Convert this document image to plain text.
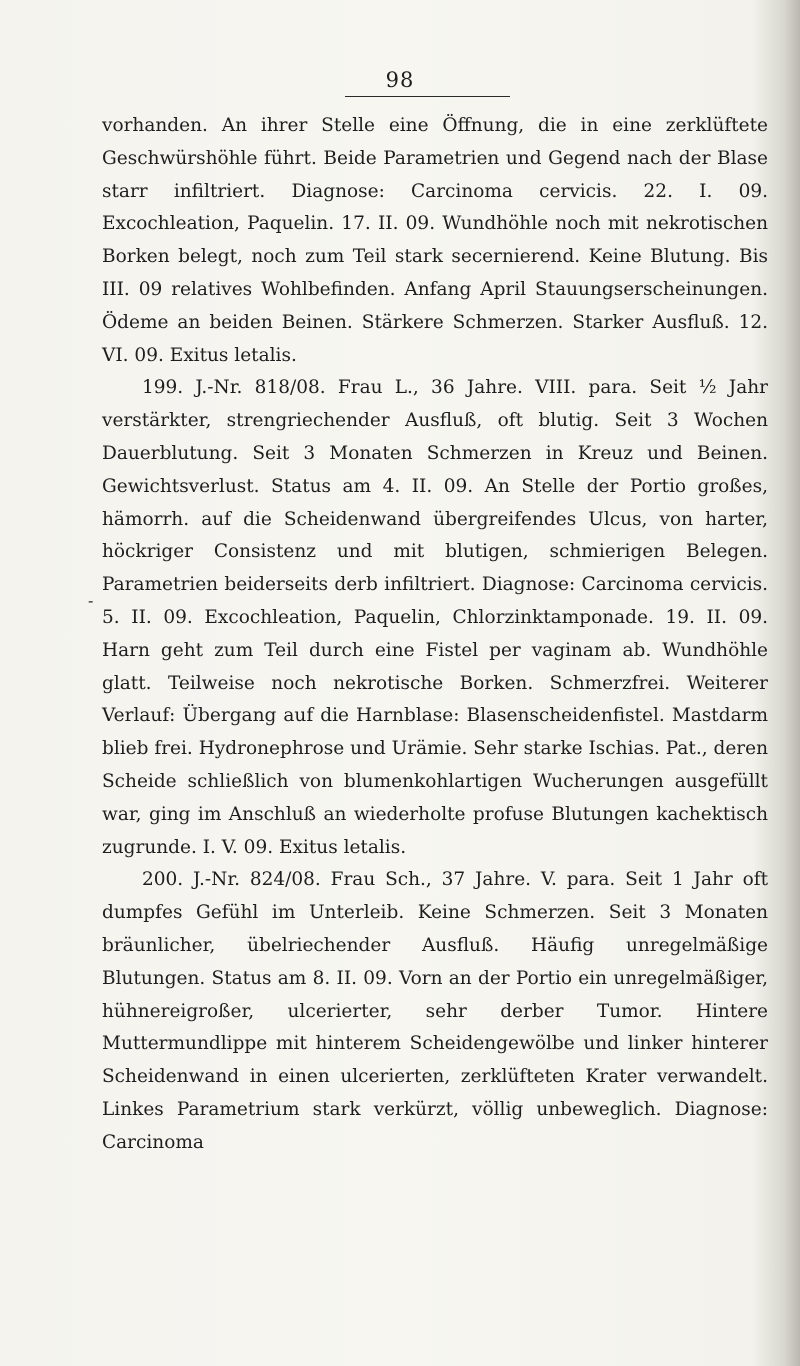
98
-

vorhanden. An ihrer Stelle eine Öffnung, die in eine zerklüftete Geschwürshöhle führt. Beide Parametrien und Gegend nach der Blase starr infiltriert. Diagnose: Carcinoma cervicis. 22. I. 09. Excochleation, Paquelin. 17. II. 09. Wundhöhle noch mit nekrotischen Borken belegt, noch zum Teil stark secernierend. Keine Blutung. Bis III. 09 relatives Wohlbefinden. Anfang April Stauungserscheinungen. Ödeme an beiden Beinen. Stärkere Schmerzen. Starker Ausfluß. 12. VI. 09. Exitus letalis.

199. J.-Nr. 818/08. Frau L., 36 Jahre. VIII. para. Seit ½ Jahr verstärkter, strengriechender Ausfluß, oft blutig. Seit 3 Wochen Dauerblutung. Seit 3 Monaten Schmerzen in Kreuz und Beinen. Gewichtsverlust. Status am 4. II. 09. An Stelle der Portio großes, hämorrh. auf die Scheidenwand übergreifendes Ulcus, von harter, höckriger Consistenz und mit blutigen, schmierigen Belegen. Parametrien beiderseits derb infiltriert. Diagnose: Carcinoma cervicis. 5. II. 09. Excochleation, Paquelin, Chlorzinktamponade. 19. II. 09. Harn geht zum Teil durch eine Fistel per vaginam ab. Wundhöhle glatt. Teilweise noch nekrotische Borken. Schmerzfrei. Weiterer Verlauf: Übergang auf die Harnblase: Blasenscheidenfistel. Mastdarm blieb frei. Hydronephrose und Urämie. Sehr starke Ischias. Pat., deren Scheide schließlich von blumenkohlartigen Wucherungen ausgefüllt war, ging im Anschluß an wiederholte profuse Blutungen kachektisch zugrunde. I. V. 09. Exitus letalis.

200. J.-Nr. 824/08. Frau Sch., 37 Jahre. V. para. Seit 1 Jahr oft dumpfes Gefühl im Unterleib. Keine Schmerzen. Seit 3 Monaten bräunlicher, übelriechender Ausfluß. Häufig unregelmäßige Blutungen. Status am 8. II. 09. Vorn an der Portio ein unregelmäßiger, hühnereigroßer, ulcerierter, sehr derber Tumor. Hintere Muttermundlippe mit hinterem Scheidengewölbe und linker hinterer Scheidenwand in einen ulcerierten, zerklüfteten Krater verwandelt. Linkes Parametrium stark verkürzt, völlig unbeweglich. Diagnose: Carcinoma
